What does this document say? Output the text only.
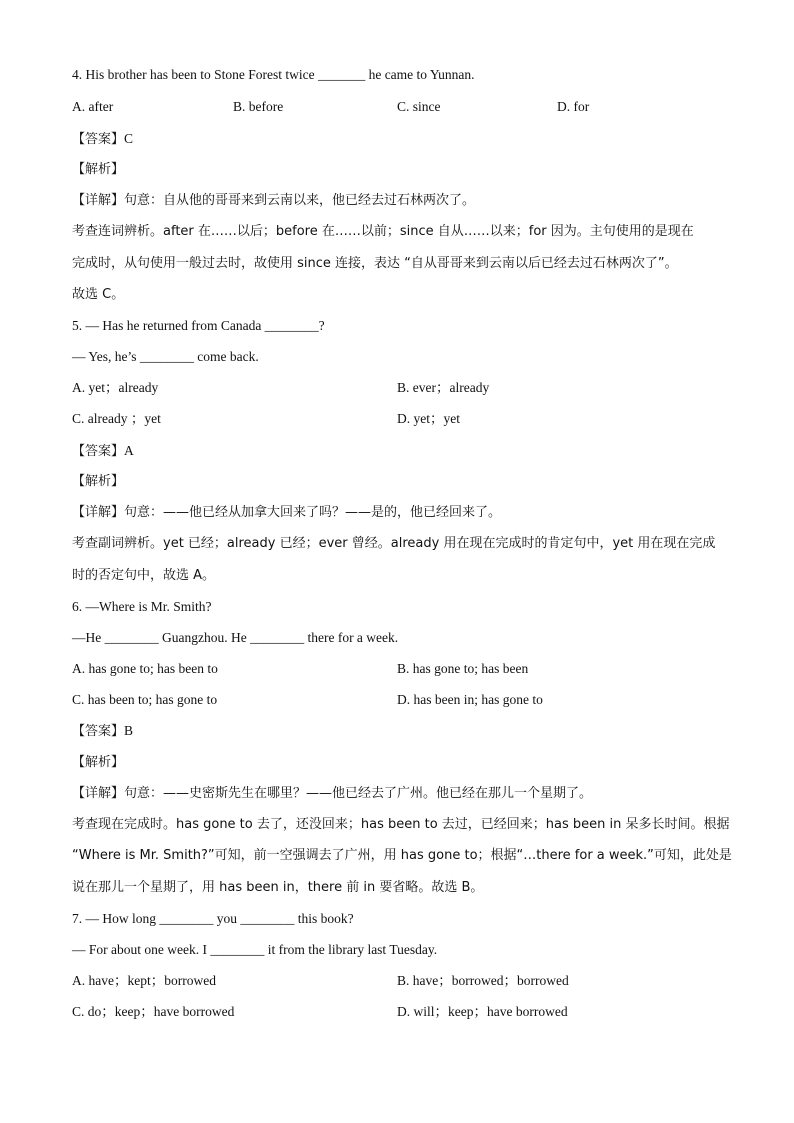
4. His brother has been to Stone Forest twice _______ he came to Yunnan.
A. after	B. before	C. since	D. for
【答案】C
【解析】
【详解】句意：自从他的哥哥来到云南以来，他已经去过石林两次了。
考查连词辨析。after 在……以后；before 在……以前；since 自从……以来；for 因为。主句使用的是现在
完成时，从句使用一般过去时，故使用 since 连接，表达 “自从哥哥来到云南以后已经去过石林两次了”。
故选 C。
5. — Has he returned from Canada ________?
— Yes, he’s ________ come back.
A. yet；already	B. ever；already
C. already ；yet	D. yet；yet
【答案】A
【解析】
【详解】句意：——他已经从加拿大回来了吗？——是的，他已经回来了。
考查副词辨析。yet 已经；already 已经；ever 曾经。already 用在现在完成时的肯定句中，yet 用在现在完成
时的否定句中，故选 A。
6. —Where is Mr. Smith?
—He ________ Guangzhou. He ________ there for a week.
A. has gone to; has been to	B. has gone to; has been
C. has been to; has gone to	D. has been in; has gone to
【答案】B
【解析】
【详解】句意：——史密斯先生在哪里？——他已经去了广州。他已经在那儿一个星期了。
考查现在完成时。has gone to 去了，还没回来；has been to 去过，已经回来；has been in 呆多长时间。根据
“Where is Mr. Smith?”可知，前一空强调去了广州，用 has gone to；根据“…there for a week.”可知，此处是
说在那儿一个星期了，用 has been in，there 前 in 要省略。故选 B。
7. — How long ________ you ________ this book?
— For about one week. I ________ it from the library last Tuesday.
A. have；kept；borrowed	B. have；borrowed；borrowed
C. do；keep；have borrowed	D. will；keep；have borrowed
